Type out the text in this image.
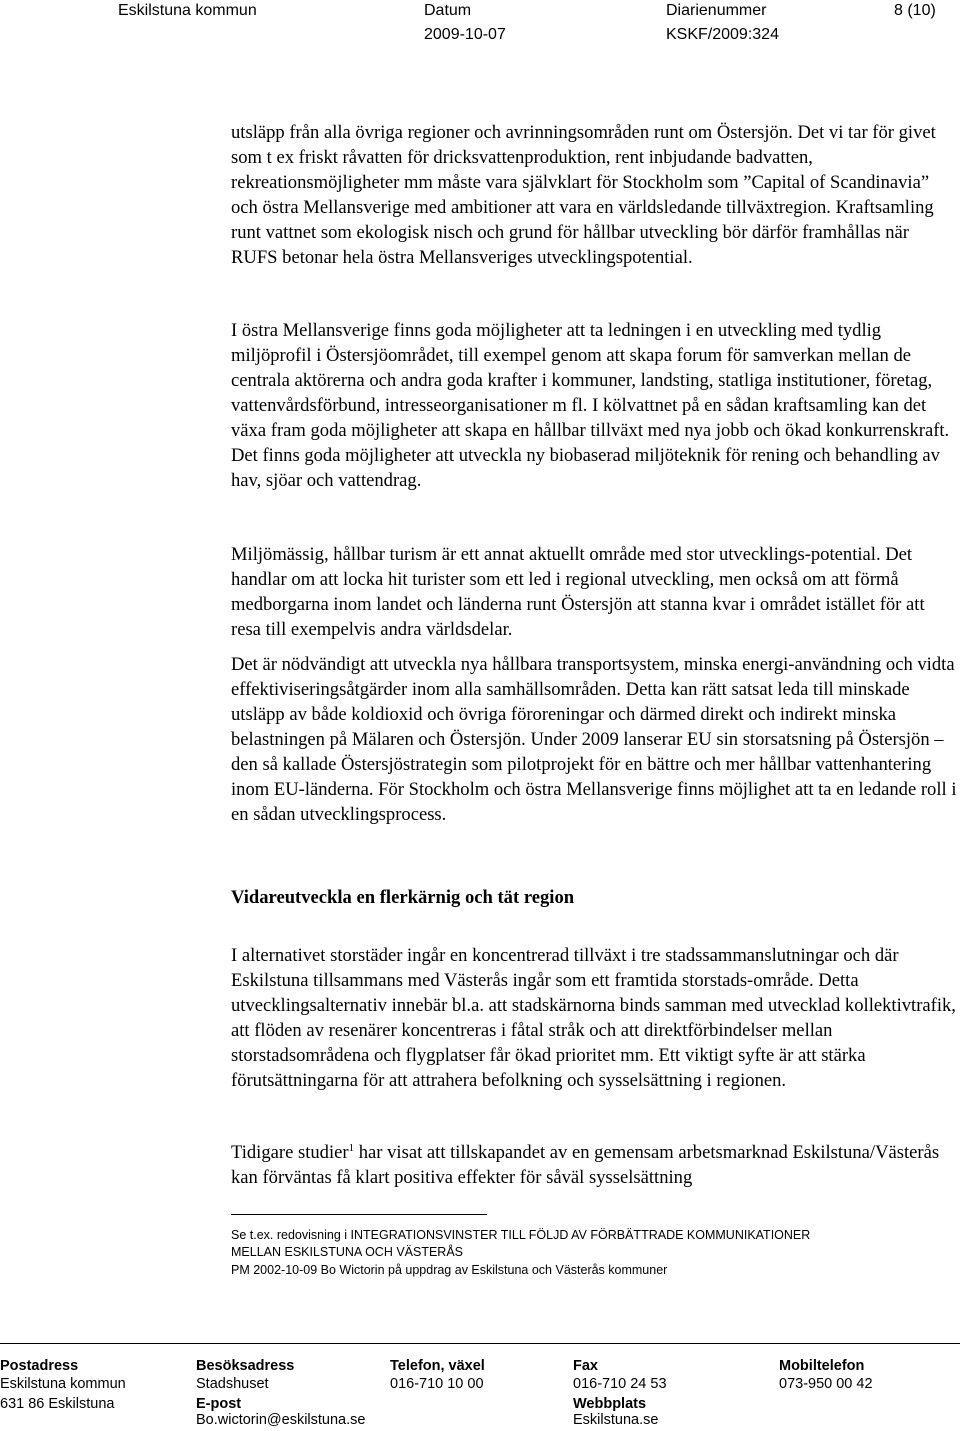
Eskilstuna kommun	Datum
2009-10-07
Diarienummer
KSKF/2009:324
8 (10)

utsläpp från alla övriga regioner och avrinningsområden runt om Östersjön. Det vi tar för givet som t ex friskt råvatten för dricksvattenproduktion, rent inbjudande badvatten, rekreationsmöjligheter mm måste vara självklart för Stockholm som ”Capital of Scandinavia” och östra Mellansverige med ambitioner att vara en världsledande tillväxtregion. Kraftsamling runt vattnet som ekologisk nisch och grund för hållbar utveckling bör därför framhållas när RUFS betonar hela östra Mellansveriges utvecklingspotential.

I östra Mellansverige finns goda möjligheter att ta ledningen i en utveckling med tydlig miljöprofil i Östersjöområdet, till exempel genom att skapa forum för samverkan mellan de centrala aktörerna och andra goda krafter i kommuner, landsting, statliga institutioner, företag, vattenvårdsförbund, intresseorganisationer m fl. I kölvattnet på en sådan kraftsamling kan det växa fram goda möjligheter att skapa en hållbar tillväxt med nya jobb och ökad konkurrenskraft. Det finns goda möjligheter att utveckla ny biobaserad miljöteknik för rening och behandling av hav, sjöar och vattendrag.

Miljömässig, hållbar turism är ett annat aktuellt område med stor utvecklings-potential. Det handlar om att locka hit turister som ett led i regional utveckling, men också om att förmå medborgarna inom landet och länderna runt Östersjön att stanna kvar i området istället för att resa till exempelvis andra världsdelar.

Det är nödvändigt att utveckla nya hållbara transportsystem, minska energi-användning och vidta effektiviseringsåtgärder inom alla samhällsområden. Detta kan rätt satsat leda till minskade utsläpp av både koldioxid och övriga föroreningar och därmed direkt och indirekt minska belastningen på Mälaren och Östersjön. Under 2009 lanserar EU sin storsatsning på Östersjön – den så kallade Östersjöstrategin som pilotprojekt för en bättre och mer hållbar vattenhantering inom EU-länderna. För Stockholm och östra Mellansverige finns möjlighet att ta en ledande roll i en sådan utvecklingsprocess.

Vidareutveckla en flerkärnig och tät region

I alternativet storstäder ingår en koncentrerad tillväxt i tre stadssammanslutningar och där Eskilstuna tillsammans med Västerås ingår som ett framtida storstads-område. Detta utvecklingsalternativ innebär bl.a. att stadskärnorna binds samman med utvecklad kollektivtrafik, att flöden av resenärer koncentreras i fåtal stråk och att direktförbindelser mellan storstadsområdena och flygplatser får ökad prioritet mm. Ett viktigt syfte är att stärka förutsättningarna för att attrahera befolkning och sysselsättning i regionen.

Tidigare studier$^1$ har visat att tillskapandet av en gemensam arbetsmarknad Eskilstuna/Västerås kan förväntas få klart positiva effekter för såväl sysselsättning

Se t.ex. redovisning i INTEGRATIONSVINSTER TILL FÖLJD AV FÖRBÄTTRADE KOMMUNIKATIONER
MELLAN ESKILSTUNA OCH VÄSTERÅS
PM 2002-10-09 Bo Wictorin på uppdrag av Eskilstuna och Västerås kommuner
Postadress
Eskilstuna kommun
631 86 Eskilstuna
Besöksadress
Stadshuset
E-post
Bo.wictorin@eskilstuna.se
Telefon, växel
016-710 10 00
Fax
016-710 24 53
Webbplats
Eskilstuna.se
Mobiltelefon
073-950 00 42
